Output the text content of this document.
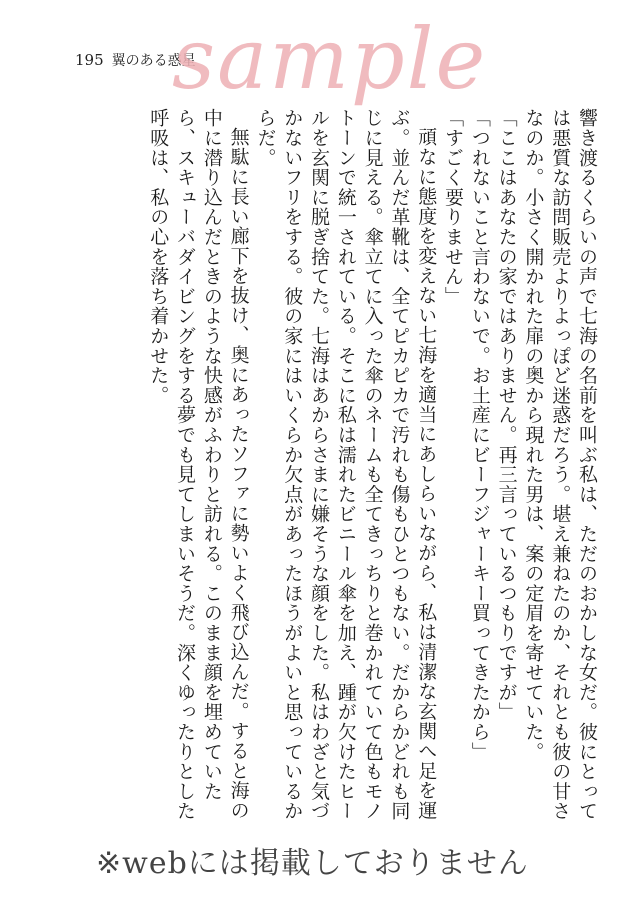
195 翼のある惑星
sample

響き渡るくらいの声で七海の名前を叫ぶ私は、ただのおかしな女だ。彼にとっては悪質な訪問販売よりよっぽど迷惑だろう。堪え兼ねたのか、それとも彼の甘さなのか。小さく開かれた扉の奥から現れた男は、案の定眉を寄せていた。

「ここはあなたの家ではありません。再三言っているつもりですが」

「つれないこと言わないで。お土産にビーフジャーキー買ってきたから」

「すごく要りません」

頑なに態度を変えない七海を適当にあしらいながら、私は清潔な玄関へ足を運ぶ。並んだ革靴は、全てピカピカで汚れも傷もひとつもない。だからかどれも同じに見える。傘立てに入った傘のネームも全てきっちりと巻かれていて色もモノトーンで統一されている。そこに私は濡れたビニール傘を加え、踵が欠けたヒールを玄関に脱ぎ捨てた。七海はあからさまに嫌そうな顔をした。私はわざと気づかないフリをする。彼の家にはいくらか欠点があったほうがよいと思っているからだ。

無駄に長い廊下を抜け、奥にあったソファに勢いよく飛び込んだ。すると海の中に潜り込んだときのような快感がふわりと訪れる。このまま顔を埋めていたら、スキューバダイビングをする夢でも見てしまいそうだ。深くゆったりとした呼吸は、私の心を落ち着かせた。

※webには掲載しておりません
